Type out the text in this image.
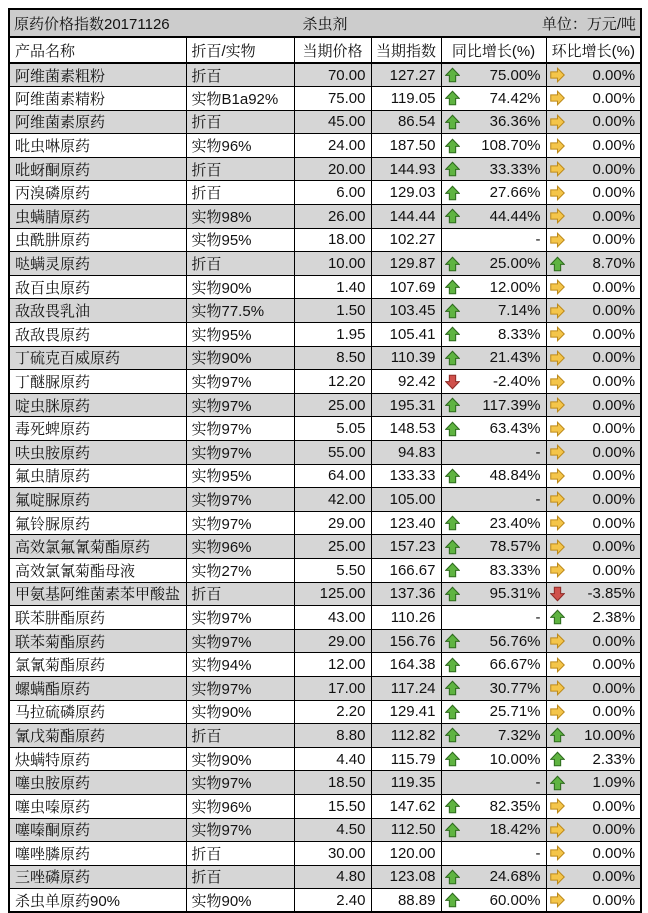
原药价格指数20171126 杀虫剂 单位：万元/吨					

产品名称	折百/实物	当期价格	当期指数	同比增长(%)	环比增长(%)
阿维菌素粗粉	折百	70.00	127.27	75.00%	0.00%

阿维菌素精粉	实物B1a92%	75.00	119.05	74.42%	0.00%

阿维菌素原药	折百	45.00	86.54	36.36%	0.00%

吡虫啉原药	实物96%	24.00	187.50	108.70%	0.00%

吡蚜酮原药	折百	20.00	144.93	33.33%	0.00%

丙溴磷原药	折百	6.00	129.03	27.66%	0.00%

虫螨腈原药	实物98%	26.00	144.44	44.44%	0.00%

虫酰肼原药	实物95%	18.00	102.27	-	0.00%

哒螨灵原药	折百	10.00	129.87	25.00%	8.70%

敌百虫原药	实物90%	1.40	107.69	12.00%	0.00%

敌敌畏乳油	实物77.5%	1.50	103.45	7.14%	0.00%

敌敌畏原药	实物95%	1.95	105.41	8.33%	0.00%

丁硫克百威原药	实物90%	8.50	110.39	21.43%	0.00%

丁醚脲原药	实物97%	12.20	92.42	-2.40%	0.00%

啶虫脒原药	实物97%	25.00	195.31	117.39%	0.00%

毒死蜱原药	实物97%	5.05	148.53	63.43%	0.00%

呋虫胺原药	实物97%	55.00	94.83	-	0.00%

氟虫腈原药	实物95%	64.00	133.33	48.84%	0.00%

氟啶脲原药	实物97%	42.00	105.00	-	0.00%

氟铃脲原药	实物97%	29.00	123.40	23.40%	0.00%

高效氯氟氰菊酯原药	实物96%	25.00	157.23	78.57%	0.00%

高效氯氰菊酯母液	实物27%	5.50	166.67	83.33%	0.00%

甲氨基阿维菌素苯甲酸盐	折百	125.00	137.36	95.31%	-3.85%

联苯肼酯原药	实物97%	43.00	110.26	-	2.38%

联苯菊酯原药	实物97%	29.00	156.76	56.76%	0.00%

氯氰菊酯原药	实物94%	12.00	164.38	66.67%	0.00%

螺螨酯原药	实物97%	17.00	117.24	30.77%	0.00%

马拉硫磷原药	实物90%	2.20	129.41	25.71%	0.00%

氰戊菊酯原药	折百	8.80	112.82	7.32%	10.00%

炔螨特原药	实物90%	4.40	115.79	10.00%	2.33%

噻虫胺原药	实物97%	18.50	119.35	-	1.09%

噻虫嗪原药	实物96%	15.50	147.62	82.35%	0.00%

噻嗪酮原药	实物97%	4.50	112.50	18.42%	0.00%

噻唑膦原药	折百	30.00	120.00	-	0.00%

三唑磷原药	折百	4.80	123.08	24.68%	0.00%

杀虫单原药90%	实物90%	2.40	88.89	60.00%	0.00%
